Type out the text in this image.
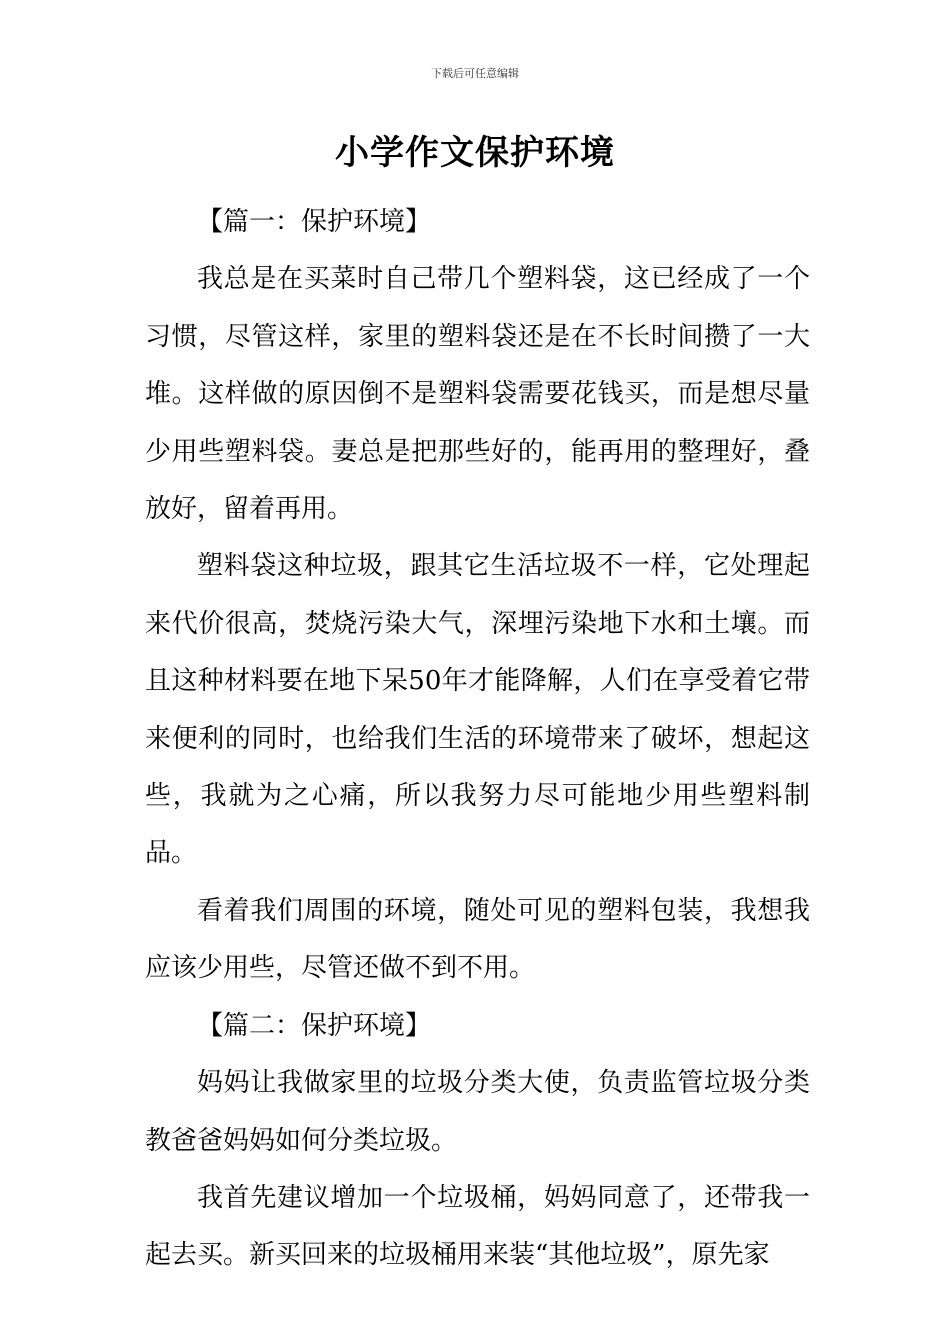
下载后可任意编辑
小学作文保护环境

【篇一：保护环境】

我总是在买菜时自己带几个塑料袋，这已经成了一个习惯，尽管这样，家里的塑料袋还是在不长时间攒了一大堆。这样做的原因倒不是塑料袋需要花钱买，而是想尽量少用些塑料袋。妻总是把那些好的，能再用的整理好，叠放好，留着再用。

塑料袋这种垃圾，跟其它生活垃圾不一样，它处理起来代价很高，焚烧污染大气，深埋污染地下水和土壤。而且这种材料要在地下呆50年才能降解，人们在享受着它带来便利的同时，也给我们生活的环境带来了破坏，想起这些，我就为之心痛，所以我努力尽可能地少用些塑料制品。

看着我们周围的环境，随处可见的塑料包装，我想我应该少用些，尽管还做不到不用。

【篇二：保护环境】

妈妈让我做家里的垃圾分类大使，负责监管垃圾分类教爸爸妈妈如何分类垃圾。

我首先建议增加一个垃圾桶，妈妈同意了，还带我一起去买。新买回来的垃圾桶用来装“其他垃圾”，原先家
